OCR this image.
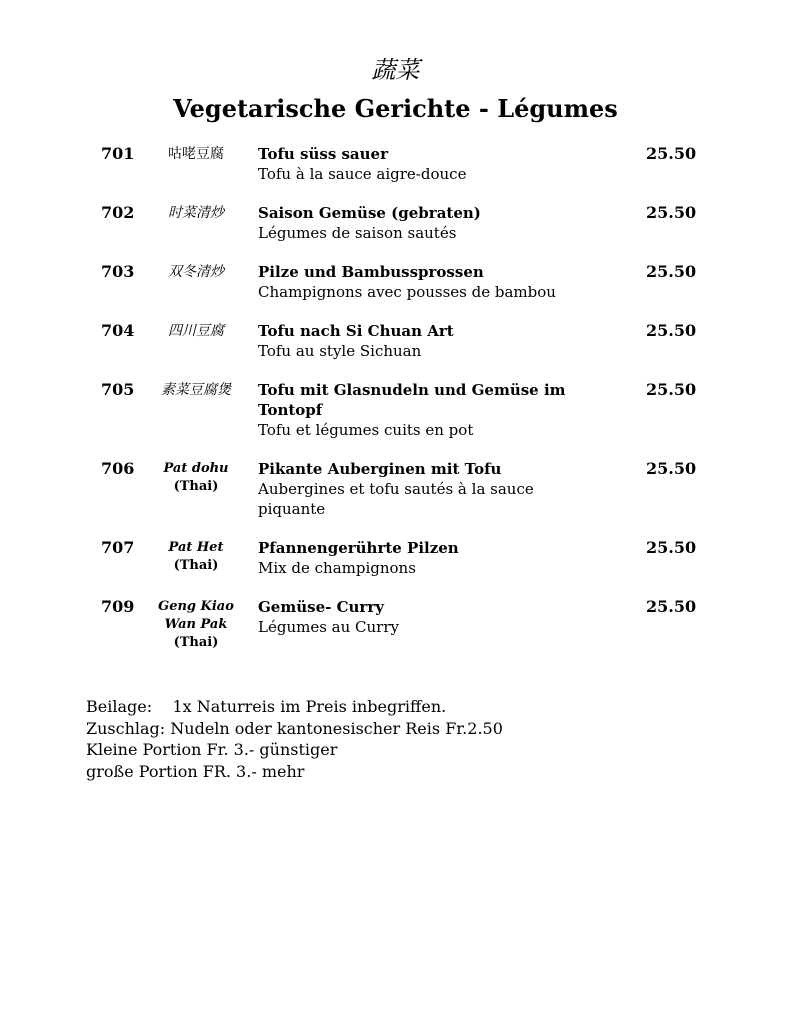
蔬菜
Vegetarische Gerichte - Légumes
701	咕咾豆腐	Tofu süss sauer
Tofu à la sauce aigre-douce
25.50
702	时菜清炒	Saison Gemüse (gebraten)
Légumes de saison sautés
25.50
703	双冬清炒	Pilze und Bambussprossen
Champignons avec pousses de bambou
25.50
704	四川豆腐	Tofu nach Si Chuan Art
Tofu au style Sichuan
25.50
705	素菜豆腐煲	Tofu mit Glasnudeln und Gemüse im Tontopf
Tofu et légumes cuits en pot
25.50
706	Pat dohu
(Thai)
Pikante Auberginen mit Tofu
Aubergines et tofu sautés à la sauce piquante
25.50
707	Pat Het
(Thai)
Pfannengerührte Pilzen
Mix de champignons
25.50
709	Geng Kiao Wan Pak
(Thai)
Gemüse- Curry
Légumes au Curry
25.50
Beilage:    1x Naturreis im Preis inbegriffen.
Zuschlag: Nudeln oder kantonesischer Reis Fr.2.50
Kleine Portion Fr. 3.- günstiger
große Portion FR. 3.- mehr
